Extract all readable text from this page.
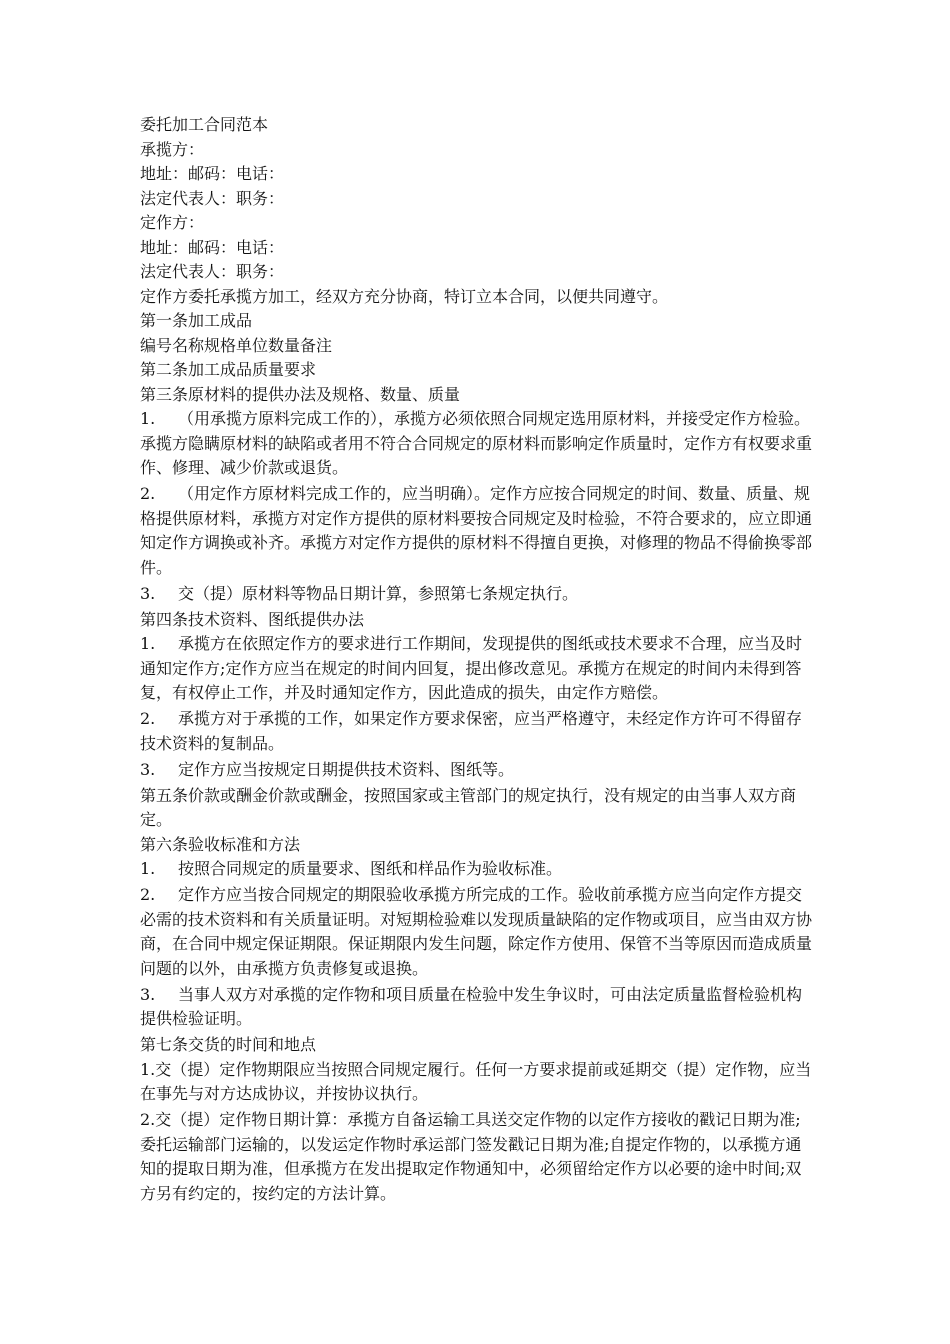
委托加工合同范本
承揽方：
地址：邮码：电话：
法定代表人：职务：
定作方：
地址：邮码：电话：
法定代表人：职务：
定作方委托承揽方加工，经双方充分协商，特订立本合同，以便共同遵守。
第一条加工成品
编号名称规格单位数量备注
第二条加工成品质量要求
第三条原材料的提供办法及规格、数量、质量
1. （用承揽方原料完成工作的），承揽方必须依照合同规定选用原材料，并接受定作方检验。承揽方隐瞒原材料的缺陷或者用不符合合同规定的原材料而影响定作质量时，定作方有权要求重作、修理、减少价款或退货。
2. （用定作方原材料完成工作的，应当明确）。定作方应按合同规定的时间、数量、质量、规格提供原材料，承揽方对定作方提供的原材料要按合同规定及时检验，不符合要求的，应立即通知定作方调换或补齐。承揽方对定作方提供的原材料不得擅自更换，对修理的物品不得偷换零部件。
3. 交（提）原材料等物品日期计算，参照第七条规定执行。
第四条技术资料、图纸提供办法
1. 承揽方在依照定作方的要求进行工作期间，发现提供的图纸或技术要求不合理，应当及时通知定作方;定作方应当在规定的时间内回复，提出修改意见。承揽方在规定的时间内未得到答复，有权停止工作，并及时通知定作方，因此造成的损失，由定作方赔偿。
2. 承揽方对于承揽的工作，如果定作方要求保密，应当严格遵守，未经定作方许可不得留存技术资料的复制品。
3. 定作方应当按规定日期提供技术资料、图纸等。
第五条价款或酬金价款或酬金，按照国家或主管部门的规定执行，没有规定的由当事人双方商定。
第六条验收标准和方法
1. 按照合同规定的质量要求、图纸和样品作为验收标准。
2. 定作方应当按合同规定的期限验收承揽方所完成的工作。验收前承揽方应当向定作方提交必需的技术资料和有关质量证明。对短期检验难以发现质量缺陷的定作物或项目，应当由双方协商，在合同中规定保证期限。保证期限内发生问题，除定作方使用、保管不当等原因而造成质量问题的以外，由承揽方负责修复或退换。
3. 当事人双方对承揽的定作物和项目质量在检验中发生争议时，可由法定质量监督检验机构提供检验证明。
第七条交货的时间和地点
1.交（提）定作物期限应当按照合同规定履行。任何一方要求提前或延期交（提）定作物，应当在事先与对方达成协议，并按协议执行。
2.交（提）定作物日期计算：承揽方自备运输工具送交定作物的以定作方接收的戳记日期为准;委托运输部门运输的，以发运定作物时承运部门签发戳记日期为准;自提定作物的，以承揽方通知的提取日期为准，但承揽方在发出提取定作物通知中，必须留给定作方以必要的途中时间;双方另有约定的，按约定的方法计算。
